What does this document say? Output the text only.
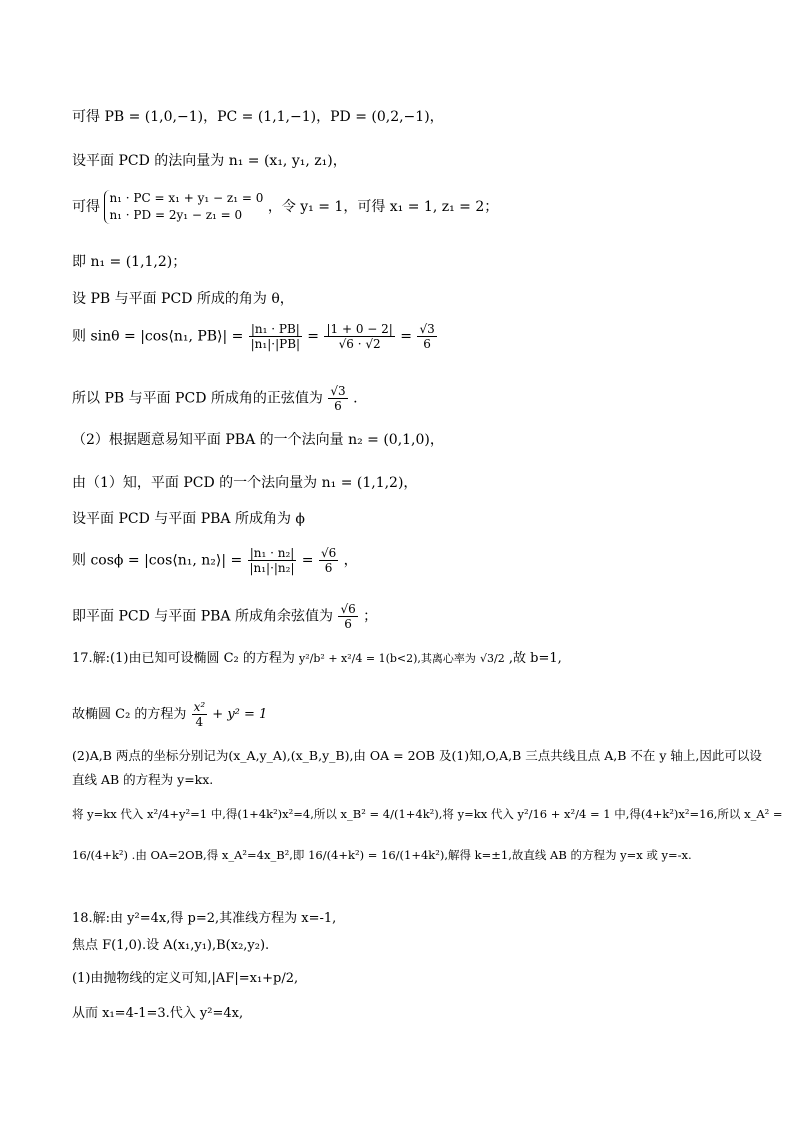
可得 PB = (1,0,−1)，PC = (1,1,−1)，PD = (0,2,−1)，
设平面 PCD 的法向量为 n₁ = (x₁, y₁, z₁)，
可得
n₁ · PC = x₁ + y₁ − z₁ = 0
n₁ · PD = 2y₁ − z₁ = 0	，令 y₁ = 1，可得 x₁ = 1, z₁ = 2；
即 n₁ = (1,1,2)；
设 PB 与平面 PCD 所成的角为 θ，
则 sinθ = |cos⟨n₁, PB⟩| = $\frac{\text{|n₁ · PB|}}{\text{|n₁|·|PB|}} = \frac{|1 + 0 - 2|}{√6 \cdot √2} = \frac{√3}{6}$
所以 PB 与平面 PCD 所成角的正弦值为 $\frac{√3}{6}$ .
（2）根据题意易知平面 PBA 的一个法向量 n₂ = (0,1,0)，
由（1）知，平面 PCD 的一个法向量为 n₁ = (1,1,2)，
设平面 PCD 与平面 PBA 所成角为 ϕ
则 cosϕ = |cos⟨n₁, n₂⟩| = $\frac{\text{|n₁ · n₂|}}{\text{|n₁|·|n₂|}} = \frac{√6}{6}$ ，
即平面 PCD 与平面 PBA 所成角余弦值为 $\frac{√6}{6}$ ；
17.解:(1)由已知可设椭圆 C₂ 的方程为 y²/b² + x²/4 = 1(b<2),其离心率为 √3/2 ,故 b=1,
故椭圆 C₂ 的方程为 $\frac{\text{x²}}{4} + y^2 = 1$
(2)A,B 两点的坐标分别记为(x_A,y_A),(x_B,y_B),由 OA = 2OB 及(1)知,O,A,B 三点共线且点 A,B 不在 y 轴上,因此可以设
直线 AB 的方程为 y=kx.
将 y=kx 代入 x²/4+y²=1 中,得(1+4k²)x²=4,所以 x_B² = 4/(1+4k²),将 y=kx 代入 y²/16 + x²/4 = 1 中,得(4+k²)x²=16,所以 x_A² =
16/(4+k²) .由 OA=2OB,得 x_A²=4x_B²,即 16/(4+k²) = 16/(1+4k²),解得 k=±1,故直线 AB 的方程为 y=x 或 y=-x.
18.解:由 y²=4x,得 p=2,其准线方程为 x=-1,
焦点 F(1,0).设 A(x₁,y₁),B(x₂,y₂).
(1)由抛物线的定义可知,|AF|=x₁+p/2,
从而 x₁=4-1=3.代入 y²=4x,
